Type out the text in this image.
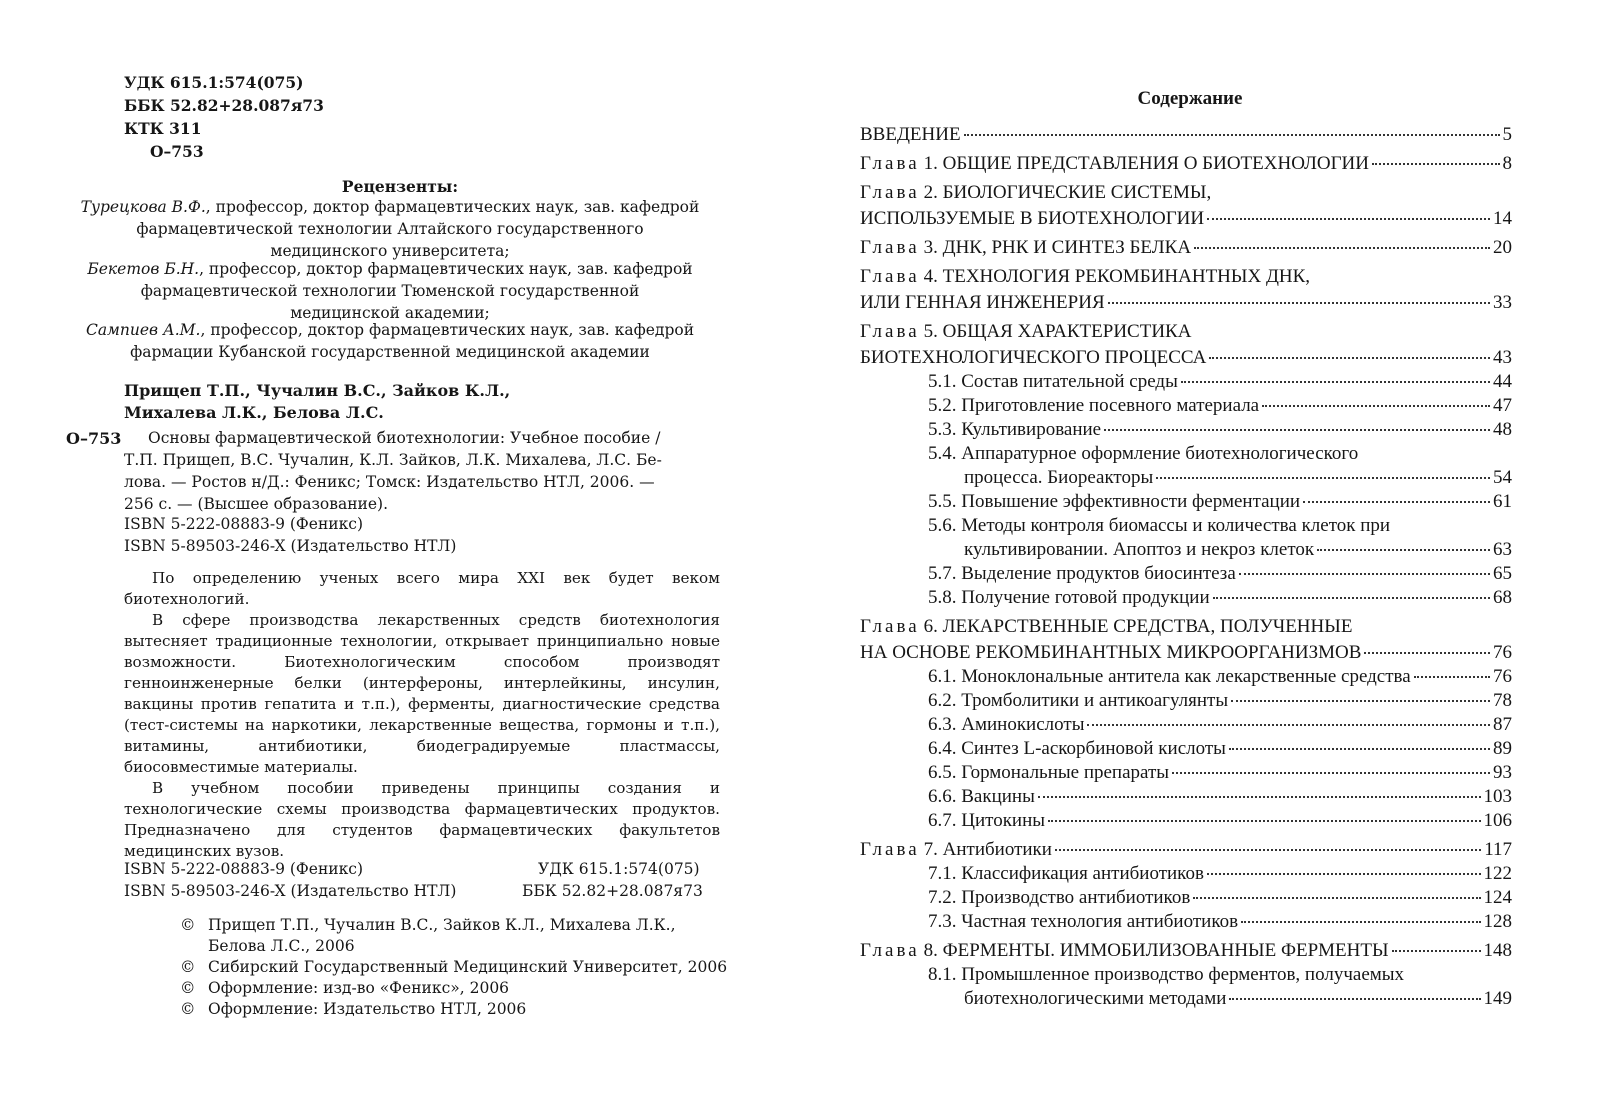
УДК 615.1:574(075)
ББК 52.82+28.087я73
КТК 311
О–753
Рецензенты:
Турецкова В.Ф., профессор, доктор фармацевтических наук, зав. кафедрой
фармацевтической технологии Алтайского государственного
медицинского университета;
Бекетов Б.Н., профессор, доктор фармацевтических наук, зав. кафедрой
фармацевтической технологии Тюменской государственной
медицинской академии;
Сампиев А.М., профессор, доктор фармацевтических наук, зав. кафедрой
фармации Кубанской государственной медицинской академии
Прищеп Т.П., Чучалин В.С., Зайков К.Л.,
Михалева Л.К., Белова Л.С.
О–753 Основы фармацевтической биотехнологии: Учебное пособие /
Т.П. Прищеп, В.С. Чучалин, К.Л. Зайков, Л.К. Михалева, Л.С. Бе-
лова. — Ростов н/Д.: Феникс; Томск: Издательство НТЛ, 2006. —
256 с. — (Высшее образование).
ISBN 5-222-08883-9 (Феникс)
ISBN 5-89503-246-X (Издательство НТЛ)

По определению ученых всего мира XXI век будет веком биотехнологий.

В сфере производства лекарственных средств биотехнология вытесняет традиционные технологии, открывает принципиально новые возможности. Биотехнологическим способом производят генноинженерные белки (интерфероны, интерлейкины, инсулин, вакцины против гепатита и т.п.), ферменты, диагностические средства (тест-системы на наркотики, лекарственные вещества, гормоны и т.п.), витамины, антибиотики, биодеградируемые пластмассы, биосовместимые материалы.

В учебном пособии приведены принципы создания и технологические схемы производства фармацевтических продуктов. Предназначено для студентов фармацевтических факультетов медицинских вузов.

ISBN 5-222-08883-9 (Феникс)
ISBN 5-89503-246-X (Издательство НТЛ)
УДК 615.1:574(075)
ББК 52.82+28.087я73
© Прищеп Т.П., Чучалин В.С., Зайков К.Л., Михалева Л.К.,
Белова Л.С., 2006
© Сибирский Государственный Медицинский Университет, 2006
© Оформление: изд-во «Феникс», 2006
© Оформление: Издательство НТЛ, 2006
Содержание
ВВЕДЕНИЕ	5
Глава 1. ОБЩИЕ ПРЕДСТАВЛЕНИЯ О БИОТЕХНОЛОГИИ	8
Глава 2. БИОЛОГИЧЕСКИЕ СИСТЕМЫ,
ИСПОЛЬЗУЕМЫЕ В БИОТЕХНОЛОГИИ	14
Глава 3. ДНК, РНК И СИНТЕЗ БЕЛКА	20
Глава 4. ТЕХНОЛОГИЯ РЕКОМБИНАНТНЫХ ДНК,
ИЛИ ГЕННАЯ ИНЖЕНЕРИЯ	33
Глава 5. ОБЩАЯ ХАРАКТЕРИСТИКА
БИОТЕХНОЛОГИЧЕСКОГО ПРОЦЕССА	43
5.1. Состав питательной среды	44
5.2. Приготовление посевного материала	47
5.3. Культивирование	48
5.4. Аппаратурное оформление биотехнологического
процесса. Биореакторы	54
5.5. Повышение эффективности ферментации	61
5.6. Методы контроля биомассы и количества клеток при
культивировании. Апоптоз и некроз клеток	63
5.7. Выделение продуктов биосинтеза	65
5.8. Получение готовой продукции	68
Глава 6. ЛЕКАРСТВЕННЫЕ СРЕДСТВА, ПОЛУЧЕННЫЕ
НА ОСНОВЕ РЕКОМБИНАНТНЫХ МИКРООРГАНИЗМОВ	76
6.1. Моноклональные антитела как лекарственные средства	76
6.2. Тромболитики и антикоагулянты	78
6.3. Аминокислоты	87
6.4. Синтез L-аскорбиновой кислоты	89
6.5. Гормональные препараты	93
6.6. Вакцины	103
6.7. Цитокины	106
Глава 7. Антибиотики	117
7.1. Классификация антибиотиков	122
7.2. Производство антибиотиков	124
7.3. Частная технология антибиотиков	128
Глава 8. ФЕРМЕНТЫ. ИММОБИЛИЗОВАННЫЕ ФЕРМЕНТЫ	148
8.1. Промышленное производство ферментов, получаемых
биотехнологическими методами	149
